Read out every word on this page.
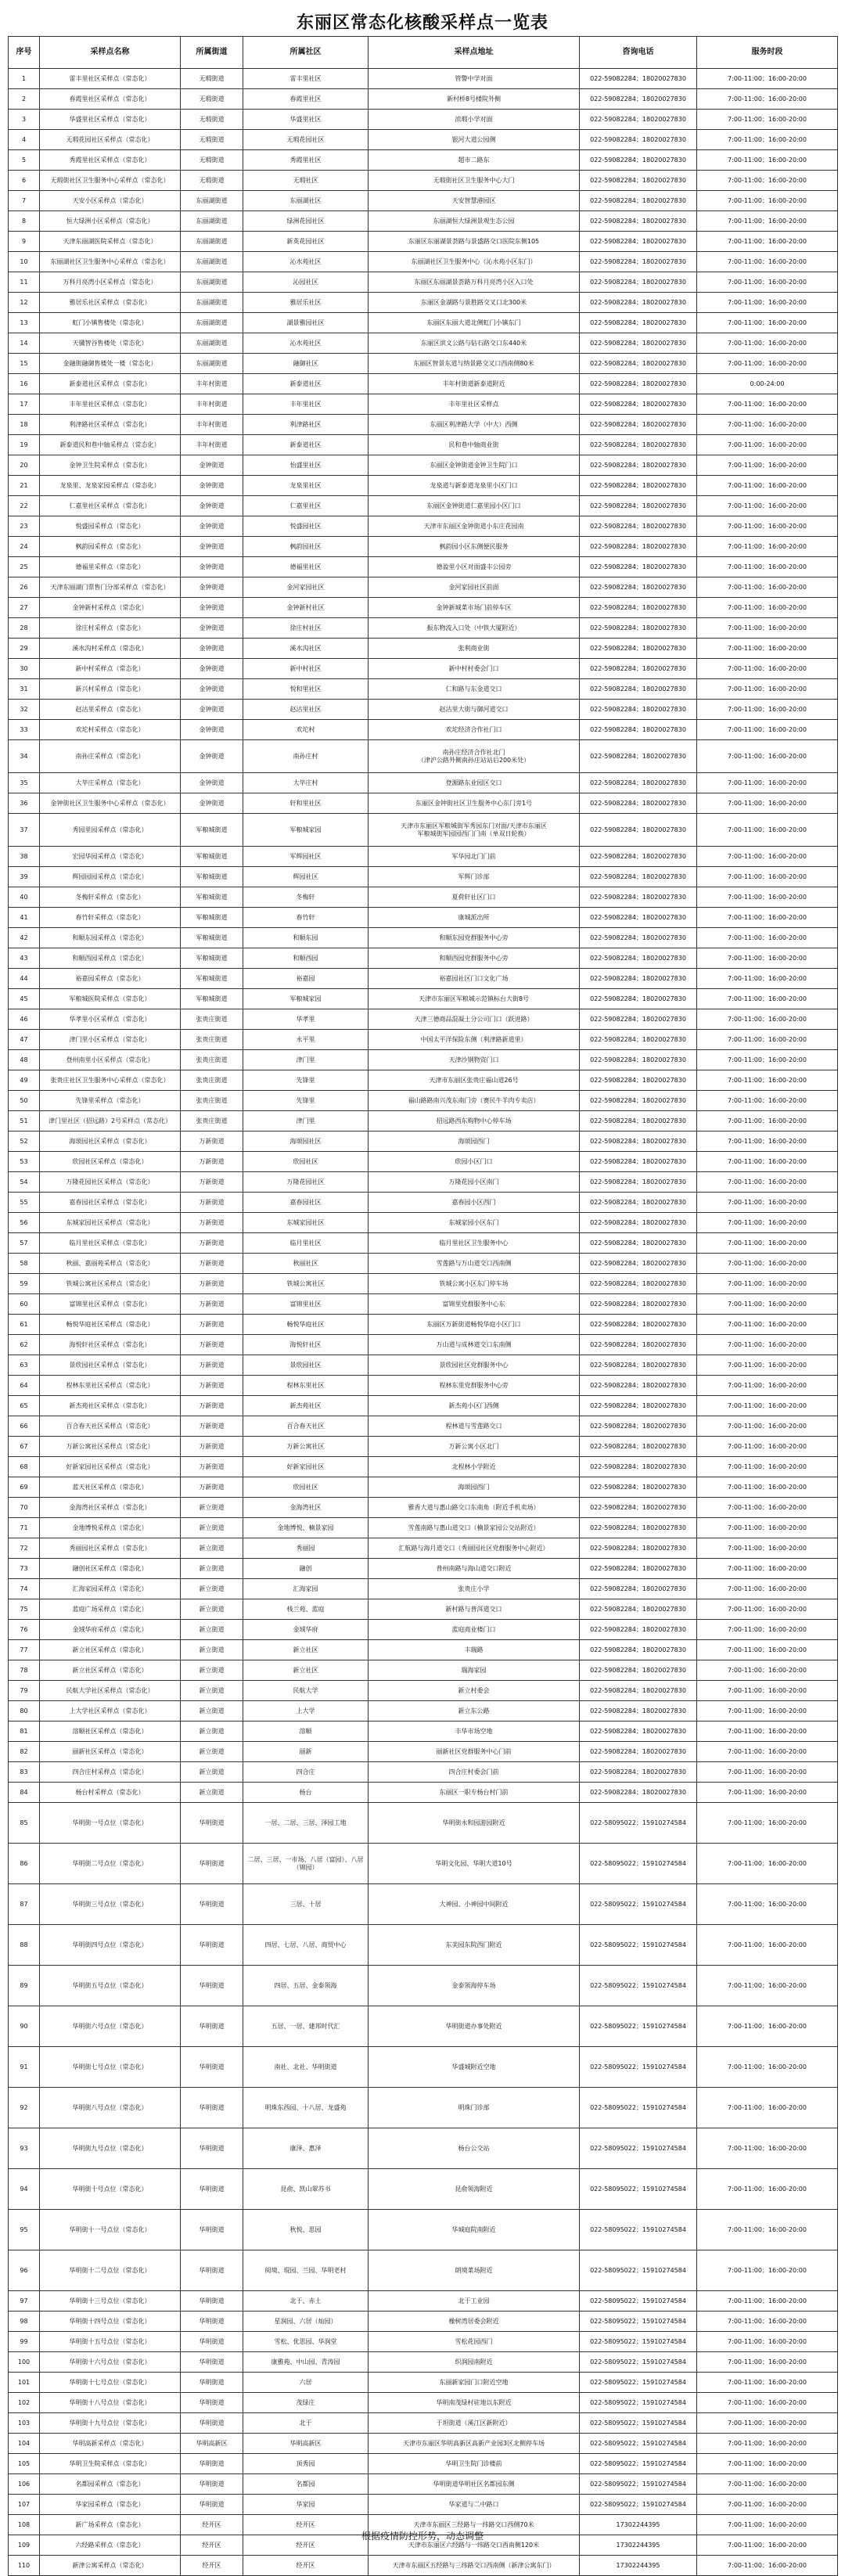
东丽区常态化核酸采样点一览表
序号	采样点名称	所属街道	所属社区	采样点地址	咨询电话	服务时段
1	雷丰里社区采样点（常态化）	无瑕街道	雷丰里社区	管警中学对面	022-59082284；18020027830	7:00-11:00；16:00-20:00
2	春霞里社区采样点（常态化）	无瑕街道	春霞里社区	新村桥8号楼院外侧	022-59082284；18020027830	7:00-11:00；16:00-20:00
3	华盛里社区采样点（常态化）	无瑕街道	华盛里社区	滨瑕小学对面	022-59082284；18020027830	7:00-11:00；16:00-20:00
4	无瑕花园社区采样点（常态化）	无瑕街道	无瑕花园社区	银河大道公园侧	022-59082284；18020027830	7:00-11:00；16:00-20:00
5	秀霞里社区采样点（常态化）	无瑕街道	秀霞里社区	超市二路东	022-59082284；18020027830	7:00-11:00；16:00-20:00
6	无瑕街社区卫生服务中心采样点（常态化）	无瑕街道	无瑕社区	无瑕街社区卫生服务中心大门	022-59082284；18020027830	7:00-11:00；16:00-20:00
7	天安小区采样点（常态化）	东丽湖街道	东丽湖社区	天安智慧港园区	022-59082284；18020027830	7:00-11:00；16:00-20:00
8	恒大绿洲小区采样点（常态化）	东丽湖街道	绿洲花园社区	东丽湖恒大绿洲景观生态公园	022-59082284；18020027830	7:00-11:00；16:00-20:00
9	天津东丽湖医院采样点（常态化）	东丽湖街道	新英花园社区	东丽区东丽湖景荟路与景盛路交口医院东侧105	022-59082284；18020027830	7:00-11:00；16:00-20:00
10	东丽湖社区卫生服务中心采样点（常态化）	东丽湖街道	沁水苑社区	东丽湖社区卫生服务中心（沁水苑小区东门）	022-59082284；18020027830	7:00-11:00；16:00-20:00
11	万科月亮湾小区采样点（常态化）	东丽湖街道	沁园社区	东丽区东丽湖景荟路万科月亮湾小区入口处	022-59082284；18020027830	7:00-11:00；16:00-20:00
12	雅居乐社区采样点（常态化）	东丽湖街道	雅居乐社区	东丽区金湖路与景胜路交叉口北300米	022-59082284；18020027830	7:00-11:00；16:00-20:00
13	虹门小镇售楼处（常态化）	东丽湖街道	湖景雅园社区	东丽区东丽大道北侧虹门小镇东门	022-59082284；18020027830	7:00-11:00；16:00-20:00
14	天骥智谷售楼处（常态化）	东丽湖街道	沁水苑社区	东丽区滨文公路与钻石路交口东440米	022-59082284；18020027830	7:00-11:00；16:00-20:00
15	金融街融御售楼处一楼（常态化）	东丽湖街道	融御社区	东丽区智景东道与纳景路交叉口西南侧80米	022-59082284；18020027830	7:00-11:00；16:00-20:00
16	新泰道社区采样点（常态化）	丰年村街道	新泰道社区	丰年村街道新泰道附近	022-59082284；18020027830	0:00-24:00
17	丰年里社区采样点（常态化）	丰年村街道	丰年里社区	丰年里社区采样点	022-59082284；18020027830	7:00-11:00；16:00-20:00
18	利津路社区采样点（常态化）	丰年村街道	利津路社区	东丽区利津路大学（中大）西侧	022-59082284；18020027830	7:00-11:00；16:00-20:00
19	新泰道民和巷中轴采样点（常态化）	丰年村街道	新泰道社区	民和巷中轴商业街	022-59082284；18020027830	7:00-11:00；16:00-20:00
20	金钟卫生院采样点（常态化）	金钟街道	怡盛里社区	东丽区金钟街道金钟卫生院门口	022-59082284；18020027830	7:00-11:00；16:00-20:00
21	龙泉里、龙泉家园采样点（常态化）	金钟街道	龙泉里社区	龙泉道与新泰道龙泉里小区门口	022-59082284；18020027830	7:00-11:00；16:00-20:00
22	仁嘉里社区采样点（常态化）	金钟街道	仁嘉里社区	东丽区金钟街道仁嘉里园小区门口	022-59082284；18020027830	7:00-11:00；16:00-20:00
23	悦盛园采样点（常态化）	金钟街道	悦盛园社区	天津市东丽区金钟街道小东庄花园南	022-59082284；18020027830	7:00-11:00；16:00-20:00
24	枫韵园采样点（常态化）	金钟街道	枫韵园社区	枫韵园小区东侧便民服务	022-59082284；18020027830	7:00-11:00；16:00-20:00
25	德福里采样点（常态化）	金钟街道	德福里社区	德盈里小区对面盛丰公园旁	022-59082284；18020027830	7:00-11:00；16:00-20:00
26	天津东丽湖门票售门分部采样点（常态化）	金钟街道	金河家园社区	金河家园社区前面	022-59082284；18020027830	7:00-11:00；16:00-20:00
27	金钟新村采样点（常态化）	金钟街道	金钟新村社区	金钟新城菜市场门前停车区	022-59082284；18020027830	7:00-11:00；16:00-20:00
28	徐庄村采样点（常态化）	金钟街道	徐庄村社区	振东物流入口处（中铁大厦附近）	022-59082284；18020027830	7:00-11:00；16:00-20:00
29	溪水沟村采样点（常态化）	金钟街道	溪水沟社区	张利商业街	022-59082284；18020027830	7:00-11:00；16:00-20:00
30	新中村采样点（常态化）	金钟街道	新中村社区	新中村村委会门口	022-59082284；18020027830	7:00-11:00；16:00-20:00
31	新兴村采样点（常态化）	金钟街道	悦和里社区	仁和路与东金道交口	022-59082284；18020027830	7:00-11:00；16:00-20:00
32	赵沽里采样点（常态化）	金钟街道	赵沽里社区	赵沽里大街与御河道交口	022-59082284；18020027830	7:00-11:00；16:00-20:00
33	欢坨村采样点（常态化）	金钟街道	欢坨村	欢坨经济合作社门口	022-59082284；18020027830	7:00-11:00；16:00-20:00
34	南孙庄采样点（常态化）	金钟街道	南孙庄村	南孙庄经济合作社北门
（津沪公路外侧南孙庄站站后200米处）	022-59082284；18020027830	7:00-11:00；16:00-20:00
35	大毕庄采样点（常态化）	金钟街道	大毕庄村	登源路东业园区交口	022-59082284；18020027830	7:00-11:00；16:00-20:00
36	金钟街社区卫生服务中心采样点（常态化）	金钟街道	轩和里社区	东丽区金钟街社区卫生服务中心东门旁1号	022-59082284；18020027830	7:00-11:00；16:00-20:00
37	秀园里园采样点（常态化）	军粮城街道	军粮城家园	天津市东丽区军粮城街军秀园东门对面/天津市东丽区
军粮城街军园园西门门南（单双日轮换）	022-59082284；18020027830	7:00-11:00；16:00-20:00
38	宏园华园采样点（常态化）	军粮城街道	军辉园社区	军华园北门门前	022-59082284；18020027830	7:00-11:00；16:00-20:00
39	辉园园园采样点（常态化）	军粮城街道	辉园社区	军辉门诊部	022-59082284；18020027830	7:00-11:00；16:00-20:00
40	冬梅轩采样点（常态化）	军粮城街道	冬梅轩	夏荷轩社区门口	022-59082284；18020027830	7:00-11:00；16:00-20:00
41	春竹轩采样点（常态化）	军粮城街道	春竹轩	康城派出所	022-59082284；18020027830	7:00-11:00；16:00-20:00
42	和顺东园采样点（常态化）	军粮城街道	和顺东园	和顺东园党群服务中心旁	022-59082284；18020027830	7:00-11:00；16:00-20:00
43	和顺西园采样点（常态化）	军粮城街道	和顺西园	和顺西园党群服务中心旁	022-59082284；18020027830	7:00-11:00；16:00-20:00
44	裕嘉园采样点（常态化）	军粮城街道	裕嘉园	裕嘉园社区门口文化广场	022-59082284；18020027830	7:00-11:00；16:00-20:00
45	军粮城医院采样点（常态化）	军粮城街道	军粮城家园	天津市东丽区军粮城示范镇标台大街8号	022-59082284；18020027830	7:00-11:00；16:00-20:00
46	华孝里小区采样点（常态化）	张贵庄街道	华孝里	天津三德商品混凝土分公司门口（跃进路）	022-59082284；18020027830	7:00-11:00；16:00-20:00
47	津门里小区采样点（常态化）	张贵庄街道	永平里	中国太平洋保险东侧（利津路新道里）	022-59082284；18020027830	7:00-11:00；16:00-20:00
48	登州南里小区采样点（常态化）	张贵庄街道	津门里	天津沙钢物资门口	022-59082284；18020027830	7:00-11:00；16:00-20:00
49	张贵庄社区卫生服务中心采样点（常态化）	张贵庄街道	先锋里	天津市东丽区张贵庄福山道26号	022-59082284；18020027830	7:00-11:00；16:00-20:00
50	先锋里采样点（常态化）	张贵庄街道	先锋里	福山路路南兴茂东南门旁（赛民牛羊肉专卖店）	022-59082284；18020027830	7:00-11:00；16:00-20:00
51	津门里社区（招远路）2号采样点（常态化）	张贵庄街道	津门里	招远路西东购物中心停车场	022-59082284；18020027830	7:00-11:00；16:00-20:00
52	海颂园社区采样点（常态化）	万新街道	海颂园社区	海颂园西门	022-59082284；18020027830	7:00-11:00；16:00-20:00
53	欣园社区采样点（常态化）	万新街道	欣园社区	欣园小区门口	022-59082284；18020027830	7:00-11:00；16:00-20:00
54	万隆花园社区采样点（常态化）	万新街道	万隆花园社区	万隆花园小区南门	022-59082284；18020027830	7:00-11:00；16:00-20:00
55	嘉春园社区采样点（常态化）	万新街道	嘉春园社区	嘉春园小区西门	022-59082284；18020027830	7:00-11:00；16:00-20:00
56	东城家园社区采样点（常态化）	万新街道	东城家园社区	东城家园小区东门	022-59082284；18020027830	7:00-11:00；16:00-20:00
57	临月里社区采样点（常态化）	万新街道	临月里社区	临月里社区卫生服务中心	022-59082284；18020027830	7:00-11:00；16:00-20:00
58	秋丽、嘉丽苑采样点（常态化）	万新街道	秋丽社区	雪莲路与万山道交口西南侧	022-59082284；18020027830	7:00-11:00；16:00-20:00
59	铁城公寓社区采样点（常态化）	万新街道	铁城公寓社区	铁城公寓小区东门停车场	022-59082284；18020027830	7:00-11:00；16:00-20:00
60	富锦里社区采样点（常态化）	万新街道	富锦里社区	富锦里党群服务中心东	022-59082284；18020027830	7:00-11:00；16:00-20:00
61	畅悦华庭社区采样点（常态化）	万新街道	畅悦华庭社区	东丽区万新街道畅悦华庭小区门口	022-59082284；18020027830	7:00-11:00；16:00-20:00
62	海悦轩社区采样点（常态化）	万新街道	海悦轩社区	万山道与成林道交口东南侧	022-59082284；18020027830	7:00-11:00；16:00-20:00
63	景欣园社区采样点（常态化）	万新街道	景欣园社区	景欣园社区党群服务中心	022-59082284；18020027830	7:00-11:00；16:00-20:00
64	程林东里社区采样点（常态化）	万新街道	程林东里社区	程林东里党群服务中心旁	022-59082284；18020027830	7:00-11:00；16:00-20:00
65	新杰苑社区采样点（常态化）	万新街道	新杰苑社区	新杰苑小区门西侧	022-59082284；18020027830	7:00-11:00；16:00-20:00
66	百合春天社区采样点（常态化）	万新街道	百合春天社区	程林道与雪莲路交口	022-59082284；18020027830	7:00-11:00；16:00-20:00
67	万新公寓社区采样点（常态化）	万新街道	万新公寓社区	万新公寓小区北门	022-59082284；18020027830	7:00-11:00；16:00-20:00
68	好新家园社区采样点（常态化）	万新街道	好新家园社区	北程林小学附近	022-59082284；18020027830	7:00-11:00；16:00-20:00
69	蓝天社区采样点（常态化）	万新街道	欣园社区	海颂园西门	022-59082284；18020027830	7:00-11:00；16:00-20:00
70	金海湾社区采样点（常态化）	新立街道	金海湾社区	雅香大道与惠山路交口东南角（附近手机卖场）	022-59082284；18020027830	7:00-11:00；16:00-20:00
71	金地博悦采样点（常态化）	新立街道	金地博悦、楠景家园	雪莲南路与惠山道交口（楠景家园公交站附近）	022-59082284；18020027830	7:00-11:00；16:00-20:00
72	秀丽园社区采样点（常态化）	新立街道	秀丽园	汇航路与海月道交口（秀丽园社区党群服务中心附近）	022-59082284；18020027830	7:00-11:00；16:00-20:00
73	融创社区采样点（常态化）	新立街道	融创	普州南路与海山道交口附近	022-59082284；18020027830	7:00-11:00；16:00-20:00
74	汇海家园采样点（常态化）	新立街道	汇海家园	张贵庄小学	022-59082284；18020027830	7:00-11:00；16:00-20:00
75	蓝庭广场采样点（常态化）	新立街道	栈兰苑、蓝庭	新村路与普洱道交口	022-59082284；18020027830	7:00-11:00；16:00-20:00
76	金域华府采样点（常态化）	新立街道	金域华府	蓝庭商业楼门口	022-59082284；18020027830	7:00-11:00；16:00-20:00
77	新立社区采样点（常态化）	新立街道	新立社区	丰瑞路	022-59082284；18020027830	7:00-11:00；16:00-20:00
78	新立社区采样点（常态化）	新立街道	新立社区	瑞海家园	022-59082284；18020027830	7:00-11:00；16:00-20:00
79	民航大学社区采样点（常态化）	新立街道	民航大学	新立村委会	022-59082284；18020027830	7:00-11:00；16:00-20:00
80	上大学社区采样点（常态化）	新立街道	上大学	新立东公路	022-59082284；18020027830	7:00-11:00；16:00-20:00
81	溶顺社区采样点（常态化）	新立街道	溶顺	丰华市场空地	022-59082284；18020027830	7:00-11:00；16:00-20:00
82	丽新社区采样点（常态化）	新立街道	丽新	丽新社区党群服务中心门前	022-59082284；18020027830	7:00-11:00；16:00-20:00
83	四合庄村采样点（常态化）	新立街道	四合庄	四合庄村委会门前	022-59082284；18020027830	7:00-11:00；16:00-20:00
84	杨台村采样点（常态化）	新立街道	杨台	东丽区一职专杨台村门前	022-59082284；18020027830	7:00-11:00；16:00-20:00
85	华明街一号点位（常态化）	华明街道	一居、二居、三居、泽园工地	华明街永和园游园附近	022-58095022；15910274584	7:00-11:00；16:00-20:00
86	华明街二号点位（常态化）	华明街道	二居、三居、一市场、八居（富园）、八居（锦园）	华明文化园、华明大道10号	022-58095022；15910274584	7:00-11:00；16:00-20:00
87	华明街三号点位（常态化）	华明街道	三居、十居	大神园、小神园中间附近	022-58095022；15910274584	7:00-11:00；16:00-20:00
88	华明街四号点位（常态化）	华明街道	四居、七居、八居、商贸中心	东美园东院西门附近	022-58095022；15910274584	7:00-11:00；16:00-20:00
89	华明街五号点位（常态化）	华明街道	四居、五居、金泰领海	金泰领海停车场	022-58095022；15910274584	7:00-11:00；16:00-20:00
90	华明街六号点位（常态化）	华明街道	五居、一居、建邦时代汇	华明街道办事处附近	022-58095022；15910274584	7:00-11:00；16:00-20:00
91	华明街七号点位（常态化）	华明街道	南社、北社、华明街道	华盛城附近空地	022-58095022；15910274584	7:00-11:00；16:00-20:00
92	华明街八号点位（常态化）	华明街道	明珠东西园、十八居、龙盛苑	明珠门诊部	022-58095022；15910274584	7:00-11:00；16:00-20:00
93	华明街九号点位（常态化）	华明街道	康泽、惠泽	杨台公交站	022-58095022；15910274584	7:00-11:00；16:00-20:00
94	华明街十号点位（常态化）	华明街道	昆俞、凯山翠苏书	昆俞领海附近	022-58095022；15910274584	7:00-11:00；16:00-20:00
95	华明街十一号点位（常态化）	华明街道	秋悦、思园	华城庭院南附近	022-58095022；15910274584	7:00-11:00；16:00-20:00
96	华明街十二号点位（常态化）	华明街道	阅境、琨园、兰园、华明老村	朗境菜场附近	022-58095022；15910274584	7:00-11:00；16:00-20:00
97	华明街十三号点位（常态化）	华明街道	北于、赤土	北于工业园	022-58095022；15910274584	7:00-11:00；16:00-20:00
98	华明街十四号点位（常态化）	华明街道	星润园、六居（灿园）	橡树湾居委会附近	022-58095022；15910274584	7:00-11:00；16:00-20:00
99	华明街十五号点位（常态化）	华明街道	雪松、优思园、华润堂	雪松花园西门	022-58095022；15910274584	7:00-11:00；16:00-20:00
100	华明街十六号点位（常态化）	华明街道	康雅苑、中山园、青涛园	织润园南附近	022-58095022；15910274584	7:00-11:00；16:00-20:00
101	华明街十七号点位（常态化）	华明街道	六居	东丽新家园门口附近空地	022-58095022；15910274584	7:00-11:00；16:00-20:00
102	华明街十八号点位（常态化）	华明街道	茂绿庄	华明南茂绿村驻地以东附近	022-58095022；15910274584	7:00-11:00；16:00-20:00
103	华明街十九号点位（常态化）	华明街道	北于	于坦街道（溪江区新附近）	022-58095022；15910274584	7:00-11:00；16:00-20:00
104	华明高新采样点（常态化）	华明高新区	华明高新区	天津市东丽区华明高新区高新产业园3区北侧停车场	022-58095022；15910274584	7:00-11:00；16:00-20:00
105	华明卫生院采样点（常态化）	华明街道	顶秀园	华明卫生院门诊楼前	022-58095022；15910274584	7:00-11:00；16:00-20:00
106	名都园采样点（常态化）	华明街道	名都园	华明街道华明社区名都园东侧	022-58095022；15910274584	7:00-11:00；16:00-20:00
107	华家园采样点（常态化）	华明街道	华家园	华家道与二中路口	022-58095022；15910274584	7:00-11:00；16:00-20:00
108	新广场采样点（常态化）	经开区	经开区	天津市东丽区三经路与一纬路交口西侧70米	17302244395	7:00-11:00；16:00-20:00
109	六经路采样点（常态化）	经开区	经开区	天津市东丽区六经路与一纬路交口西南侧120米	17302244395	7:00-11:00；16:00-20:00
110	新津公寓采样点（常态化）	经开区	经开区	天津市东丽区五经路与三纬路交口西南侧（新津公寓东门）	17302244395	7:00-11:00；16:00-20:00
根据疫情防控形势，动态调整
